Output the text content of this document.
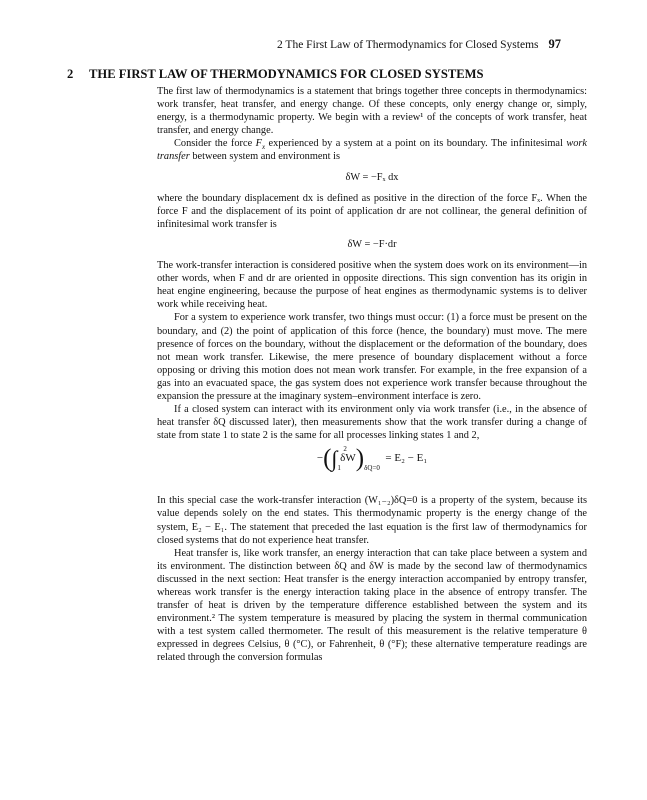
2 The First Law of Thermodynamics for Closed Systems 97
2 THE FIRST LAW OF THERMODYNAMICS FOR CLOSED SYSTEMS

The first law of thermodynamics is a statement that brings together three concepts in thermodynamics: work transfer, heat transfer, and energy change. Of these concepts, only energy change or, simply, energy, is a thermodynamic property. We begin with a review¹ of the concepts of work transfer, heat transfer, and energy change.

Consider the force $F_x$ experienced by a system at a point on its boundary. The infinitesimal work transfer between system and environment is

δW = −Fₓ dx

where the boundary displacement dx is defined as positive in the direction of the force Fₓ. When the force F and the displacement of its point of application dr are not collinear, the general definition of infinitesimal work transfer is

δW = −F·dr

The work-transfer interaction is considered positive when the system does work on its environment—in other words, when F and dr are oriented in opposite directions. This sign convention has its origin in heat engine engineering, because the purpose of heat engines as thermodynamic systems is to deliver work while receiving heat.

For a system to experience work transfer, two things must occur: (1) a force must be present on the boundary, and (2) the point of application of this force (hence, the boundary) must move. The mere presence of forces on the boundary, without the displacement or the deformation of the boundary, does not mean work transfer. Likewise, the mere presence of boundary displacement without a force opposing or driving this motion does not mean work transfer. For example, in the free expansion of a gas into an evacuated space, the gas system does not experience work transfer because throughout the expansion the pressure at the imaginary system–environment interface is zero.

If a closed system can interact with its environment only via work transfer (i.e., in the absence of heat transfer δQ discussed later), then measurements show that the work transfer during a change of state from state 1 to state 2 is the same for all processes linking states 1 and 2,

−(∫ 2
1
$\delta W)_{\delta Q=0} = E_2 - E_1$

In this special case the work-transfer interaction (W₁₋₂)δQ=0 is a property of the system, because its value depends solely on the end states. This thermodynamic property is the energy change of the system, E₂ − E₁. The statement that preceded the last equation is the first law of thermodynamics for closed systems that do not experience heat transfer.

Heat transfer is, like work transfer, an energy interaction that can take place between a system and its environment. The distinction between δQ and δW is made by the second law of thermodynamics discussed in the next section: Heat transfer is the energy interaction accompanied by entropy transfer, whereas work transfer is the energy interaction taking place in the absence of entropy transfer. The transfer of heat is driven by the temperature difference established between the system and its environment.² The system temperature is measured by placing the system in thermal communication with a test system called thermometer. The result of this measurement is the relative temperature θ expressed in degrees Celsius, θ (°C), or Fahrenheit, θ (°F); these alternative temperature readings are related through the conversion formulas
